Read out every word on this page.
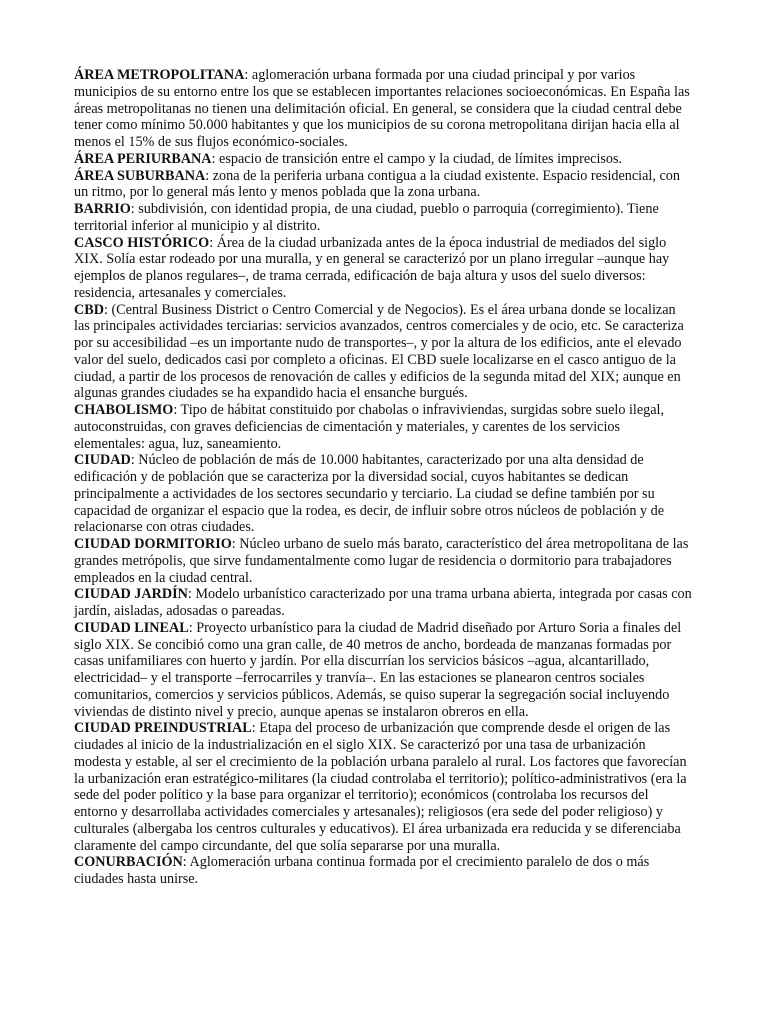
ÁREA METROPOLITANA: aglomeración urbana formada por una ciudad principal y por varios municipios de su entorno entre los que se establecen importantes relaciones socioeconómicas. En España las áreas metropolitanas no tienen una delimitación oficial. En general, se considera que la ciudad central debe tener como mínimo 50.000 habitantes y que los municipios de su corona metropolitana dirijan hacia ella al menos el 15% de sus flujos económico-sociales.

ÁREA PERIURBANA: espacio de transición entre el campo y la ciudad, de límites imprecisos.

ÁREA SUBURBANA: zona de la periferia urbana contigua a la ciudad existente. Espacio residencial, con un ritmo, por lo general más lento y menos poblada que la zona urbana.

BARRIO: subdivisión, con identidad propia, de una ciudad, pueblo o parroquia (corregimiento). Tiene territorial inferior al municipio y al distrito.

CASCO HISTÓRICO: Área de la ciudad urbanizada antes de la época industrial de mediados del siglo XIX. Solía estar rodeado por una muralla, y en general se caracterizó por un plano irregular –aunque hay ejemplos de planos regulares–, de trama cerrada, edificación de baja altura y usos del suelo diversos: residencia, artesanales y comerciales.

CBD: (Central Business District o Centro Comercial y de Negocios). Es el área urbana donde se localizan las principales actividades terciarias: servicios avanzados, centros comerciales y de ocio, etc. Se caracteriza por su accesibilidad –es un importante nudo de transportes–, y por la altura de los edificios, ante el elevado valor del suelo, dedicados casi por completo a oficinas. El CBD suele localizarse en el casco antiguo de la ciudad, a partir de los procesos de renovación de calles y edificios de la segunda mitad del XIX; aunque en algunas grandes ciudades se ha expandido hacia el ensanche burgués.

CHABOLISMO: Tipo de hábitat constituido por chabolas o infraviviendas, surgidas sobre suelo ilegal, autoconstruidas, con graves deficiencias de cimentación y materiales, y carentes de los servicios elementales: agua, luz, saneamiento.

CIUDAD: Núcleo de población de más de 10.000 habitantes, caracterizado por una alta densidad de edificación y de población que se caracteriza por la diversidad social, cuyos habitantes se dedican principalmente a actividades de los sectores secundario y terciario. La ciudad se define también por su capacidad de organizar el espacio que la rodea, es decir, de influir sobre otros núcleos de población y de relacionarse con otras ciudades.

CIUDAD DORMITORIO: Núcleo urbano de suelo más barato, característico del área metropolitana de las grandes metrópolis, que sirve fundamentalmente como lugar de residencia o dormitorio para trabajadores empleados en la ciudad central.

CIUDAD JARDÍN: Modelo urbanístico caracterizado por una trama urbana abierta, integrada por casas con jardín, aisladas, adosadas o pareadas.

CIUDAD LINEAL: Proyecto urbanístico para la ciudad de Madrid diseñado por Arturo Soria a finales del siglo XIX. Se concibió como una gran calle, de 40 metros de ancho, bordeada de manzanas formadas por casas unifamiliares con huerto y jardín. Por ella discurrían los servicios básicos –agua, alcantarillado, electricidad– y el transporte –ferrocarriles y tranvía–. En las estaciones se planearon centros sociales comunitarios, comercios y servicios públicos. Además, se quiso superar la segregación social incluyendo viviendas de distinto nivel y precio, aunque apenas se instalaron obreros en ella.

CIUDAD PREINDUSTRIAL: Etapa del proceso de urbanización que comprende desde el origen de las ciudades al inicio de la industrialización en el siglo XIX. Se caracterizó por una tasa de urbanización modesta y estable, al ser el crecimiento de la población urbana paralelo al rural. Los factores que favorecían la urbanización eran estratégico-militares (la ciudad controlaba el territorio); político-administrativos (era la sede del poder político y la base para organizar el territorio); económicos (controlaba los recursos del entorno y desarrollaba actividades comerciales y artesanales); religiosos (era sede del poder religioso) y culturales (albergaba los centros culturales y educativos). El área urbanizada era reducida y se diferenciaba claramente del campo circundante, del que solía separarse por una muralla.

CONURBACIÓN: Aglomeración urbana continua formada por el crecimiento paralelo de dos o más ciudades hasta unirse.
